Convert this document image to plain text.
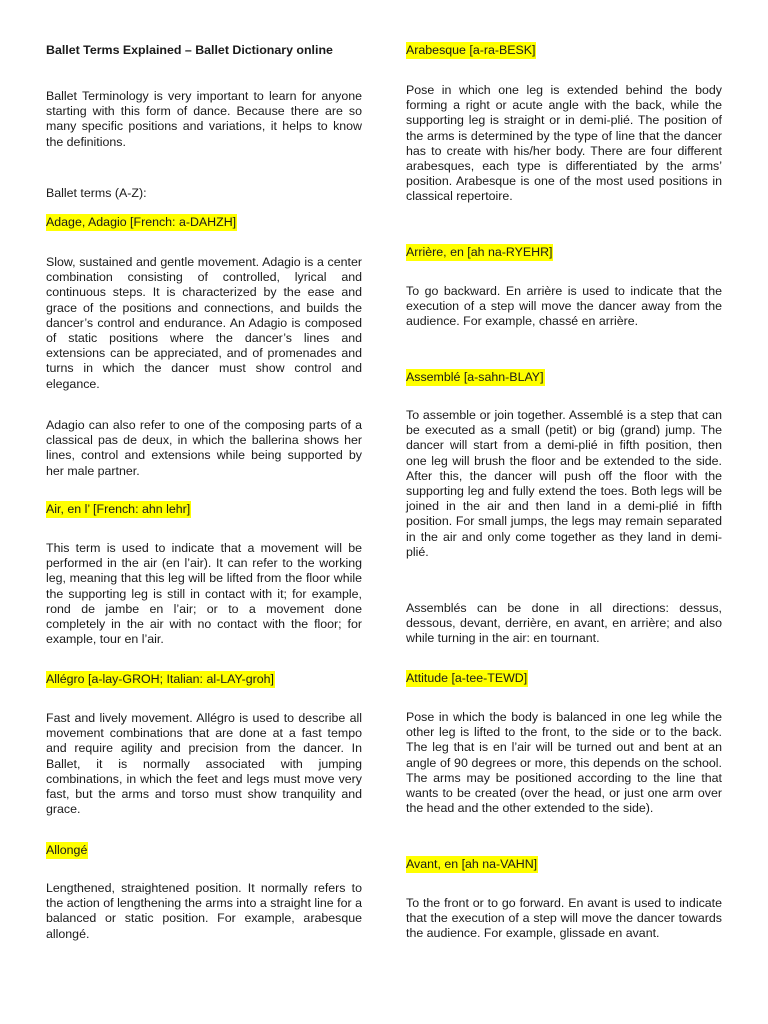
Ballet Terms Explained – Ballet Dictionary online

Ballet Terminology is very important to learn for anyone starting with this form of dance. Because there are so many specific positions and variations, it helps to know the definitions.

Ballet terms (A-Z):

Adage, Adagio [French: a-DAHZH]

Slow, sustained and gentle movement. Adagio is a center combination consisting of controlled, lyrical and continuous steps. It is characterized by the ease and grace of the positions and connections, and builds the dancer’s control and endurance. An Adagio is composed of static positions where the dancer’s lines and extensions can be appreciated, and of promenades and turns in which the dancer must show control and elegance.

Adagio can also refer to one of the composing parts of a classical pas de deux, in which the ballerina shows her lines, control and extensions while being supported by her male partner.

Air, en l’ [French: ahn lehr]

This term is used to indicate that a movement will be performed in the air (en l’air). It can refer to the working leg, meaning that this leg will be lifted from the floor while the supporting leg is still in contact with it; for example, rond de jambe en l’air; or to a movement done completely in the air with no contact with the floor; for example, tour en l’air.

Allégro [a-lay-GROH; Italian: al-LAY-groh]

Fast and lively movement. Allégro is used to describe all movement combinations that are done at a fast tempo and require agility and precision from the dancer. In Ballet, it is normally associated with jumping combinations, in which the feet and legs must move very fast, but the arms and torso must show tranquility and grace.

Allongé

Lengthened, straightened position. It normally refers to the action of lengthening the arms into a straight line for a balanced or static position. For example, arabesque allongé.

Arabesque [a-ra-BESK]

Pose in which one leg is extended behind the body forming a right or acute angle with the back, while the supporting leg is straight or in demi-plié. The position of the arms is determined by the type of line that the dancer has to create with his/her body. There are four different arabesques, each type is differentiated by the arms’ position. Arabesque is one of the most used positions in classical repertoire.

Arrière, en [ah na-RYEHR]

To go backward. En arrière is used to indicate that the execution of a step will move the dancer away from the audience. For example, chassé en arrière.

Assemblé [a-sahn-BLAY]

To assemble or join together. Assemblé is a step that can be executed as a small (petit) or big (grand) jump. The dancer will start from a demi-plié in fifth position, then one leg will brush the floor and be extended to the side. After this, the dancer will push off the floor with the supporting leg and fully extend the toes. Both legs will be joined in the air and then land in a demi-plié in fifth position. For small jumps, the legs may remain separated in the air and only come together as they land in demi-plié.

Assemblés can be done in all directions: dessus, dessous, devant, derrière, en avant, en arrière; and also while turning in the air: en tournant.

Attitude [a-tee-TEWD]

Pose in which the body is balanced in one leg while the other leg is lifted to the front, to the side or to the back. The leg that is en l’air will be turned out and bent at an angle of 90 degrees or more, this depends on the school. The arms may be positioned according to the line that wants to be created (over the head, or just one arm over the head and the other extended to the side).

Avant, en [ah na-VAHN]

To the front or to go forward. En avant is used to indicate that the execution of a step will move the dancer towards the audience. For example, glissade en avant.
